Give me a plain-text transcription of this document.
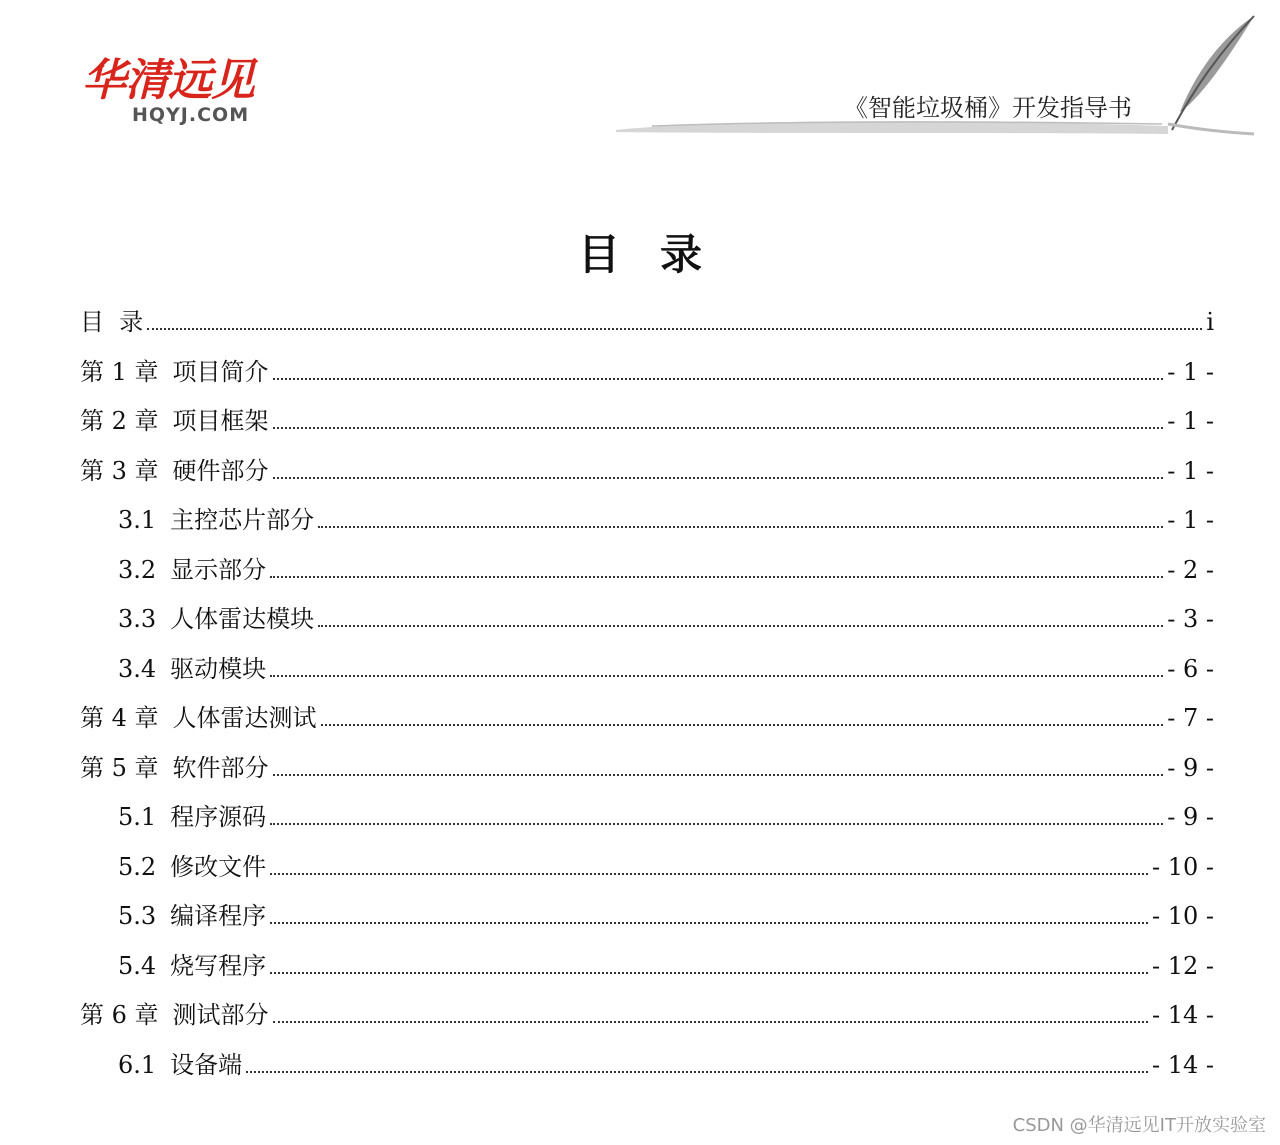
华清远见
HQYJ.COM	《智能垃圾桶》开发指导书
目录
目  录	i
第 1 章 项目简介	- 1 -
第 2 章 项目框架	- 1 -
第 3 章 硬件部分	- 1 -
3.1 主控芯片部分	- 1 -
3.2 显示部分	- 2 -
3.3 人体雷达模块	- 3 -
3.4 驱动模块	- 6 -
第 4 章 人体雷达测试	- 7 -
第 5 章 软件部分	- 9 -
5.1 程序源码	- 9 -
5.2 修改文件	- 10 -
5.3 编译程序	- 10 -
5.4 烧写程序	- 12 -
第 6 章 测试部分	- 14 -
6.1 设备端	- 14 -
CSDN @华清远见IT开放实验室
